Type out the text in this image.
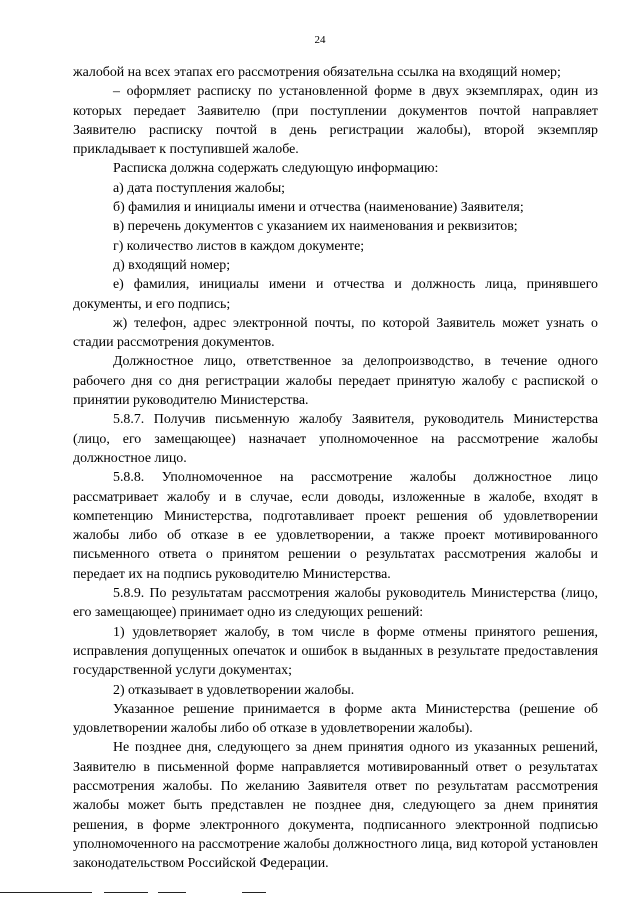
24

жалобой на всех этапах его рассмотрения обязательна ссылка на входящий номер;

– оформляет расписку по установленной форме в двух экземплярах, один из которых передает Заявителю (при поступлении документов почтой направляет Заявителю расписку почтой в день регистрации жалобы), второй экземпляр прикладывает к поступившей жалобе.

Расписка должна содержать следующую информацию:

а) дата поступления жалобы;

б) фамилия и инициалы имени и отчества (наименование) Заявителя;

в) перечень документов с указанием их наименования и реквизитов;

г) количество листов в каждом документе;

д) входящий номер;

е) фамилия, инициалы имени и отчества и должность лица, принявшего документы, и его подпись;

ж) телефон, адрес электронной почты, по которой Заявитель может узнать о стадии рассмотрения документов.

Должностное лицо, ответственное за делопроизводство, в течение одного рабочего дня со дня регистрации жалобы передает принятую жалобу с распиской о принятии руководителю Министерства.

5.8.7. Получив письменную жалобу Заявителя, руководитель Министерства (лицо, его замещающее) назначает уполномоченное на рассмотрение жалобы должностное лицо.

5.8.8. Уполномоченное на рассмотрение жалобы должностное лицо рассматривает жалобу и в случае, если доводы, изложенные в жалобе, входят в компетенцию Министерства, подготавливает проект решения об удовлетворении жалобы либо об отказе в ее удовлетворении, а также проект мотивированного письменного ответа о принятом решении о результатах рассмотрения жалобы и передает их на подпись руководителю Министерства.

5.8.9. По результатам рассмотрения жалобы руководитель Министерства (лицо, его замещающее) принимает одно из следующих решений:

1) удовлетворяет жалобу, в том числе в форме отмены принятого решения, исправления допущенных опечаток и ошибок в выданных в результате предоставления государственной услуги документах;

2) отказывает в удовлетворении жалобы.

Указанное решение принимается в форме акта Министерства (решение об удовлетворении жалобы либо об отказе в удовлетворении жалобы).

Не позднее дня, следующего за днем принятия одного из указанных решений, Заявителю в письменной форме направляется мотивированный ответ о результатах рассмотрения жалобы. По желанию Заявителя ответ по результатам рассмотрения жалобы может быть представлен не позднее дня, следующего за днем принятия решения, в форме электронного документа, подписанного электронной подписью уполномоченного на рассмотрение жалобы должностного лица, вид которой установлен законодательством Российской Федерации.
